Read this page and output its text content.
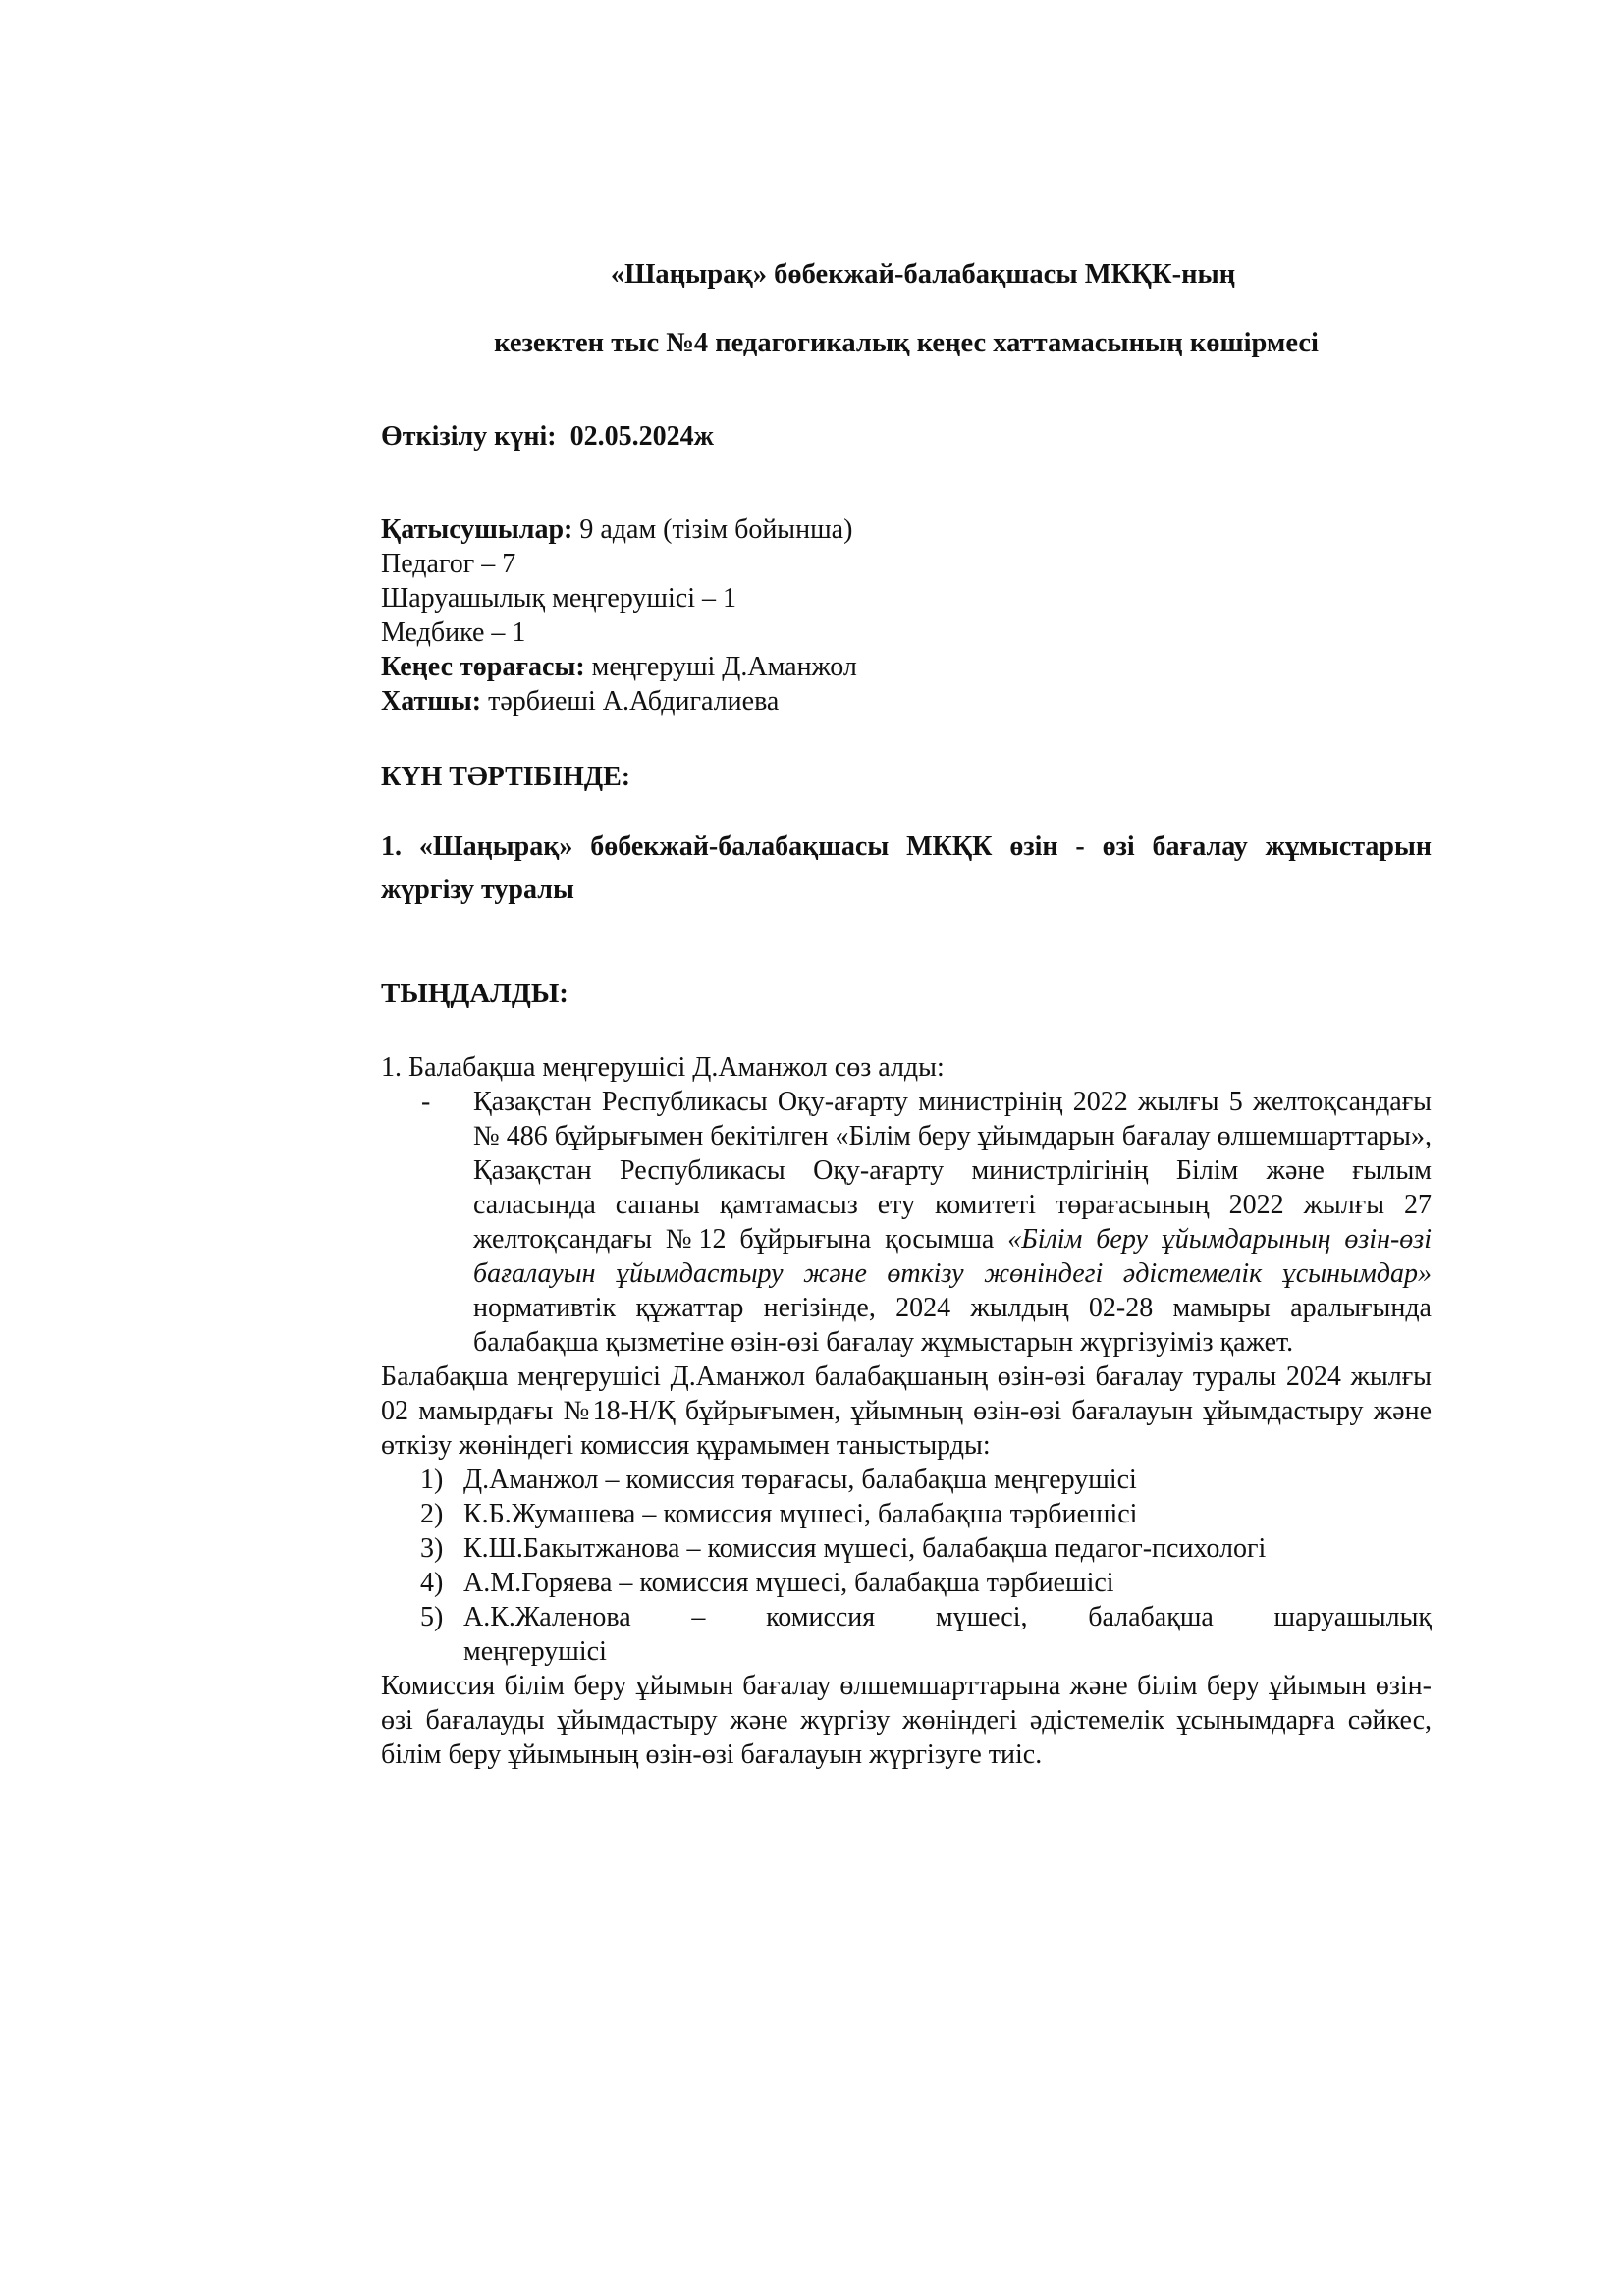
«Шаңырақ» бөбекжай-балабақшасы МКҚК-ның

кезектен тыс №4 педагогикалық кеңес хаттамасының көшірмесі

Өткізілу күні: 02.05.2024ж
Қатысушылар: 9 адам (тізім бойынша)
Педагог – 7
Шаруашылық меңгерушісі – 1
Медбике – 1
Кеңес төрағасы: меңгеруші Д.Аманжол
Хатшы: тәрбиеші А.Абдигалиева
КҮН ТӘРТІБІНДЕ:
1. «Шаңырақ» бөбекжай-балабақшасы МКҚК өзін - өзі бағалау жұмыстарын жүргізу туралы
ТЫҢДАЛДЫ:
1. Балабақша меңгерушісі Д.Аманжол сөз алды:
-	Қазақстан Республикасы Оқу-ағарту министрінің 2022 жылғы 5 желтоқсандағы № 486 бұйрығымен бекітілген «Білім беру ұйымдарын бағалау өлшемшарттары», Қазақстан Республикасы Оқу-ағарту министрлігінің Білім және ғылым саласында сапаны қамтамасыз ету комитеті төрағасының 2022 жылғы 27 желтоқсандағы №12 бұйрығына қосымша «Білім беру ұйымдарының өзін-өзі бағалауын ұйымдастыру және өткізу жөніндегі әдістемелік ұсынымдар» нормативтік құжаттар негізінде, 2024 жылдың 02-28 мамыры аралығында балабақша қызметіне өзін-өзі бағалау жұмыстарын жүргізуіміз қажет.

Балабақша меңгерушісі Д.Аманжол балабақшаның өзін-өзі бағалау туралы 2024 жылғы 02 мамырдағы №18-Н/Қ бұйрығымен, ұйымның өзін-өзі бағалауын ұйымдастыру және өткізу жөніндегі комиссия құрамымен таныстырды:

1) Д.Аманжол – комиссия төрағасы, балабақша меңгерушісі
2) К.Б.Жумашева – комиссия мүшесі, балабақша тәрбиешісі
3) К.Ш.Бакытжанова – комиссия мүшесі, балабақша педагог-психологі
4) А.М.Горяева – комиссия мүшесі, балабақша тәрбиешісі
5) А.К.Жаленова – комиссия мүшесі, балабақша шаруашылық
меңгерушісі

Комиссия білім беру ұйымын бағалау өлшемшарттарына және білім беру ұйымын өзін-өзі бағалауды ұйымдастыру және жүргізу жөніндегі әдістемелік ұсынымдарға сәйкес, білім беру ұйымының өзін-өзі бағалауын жүргізуге тиіс.
